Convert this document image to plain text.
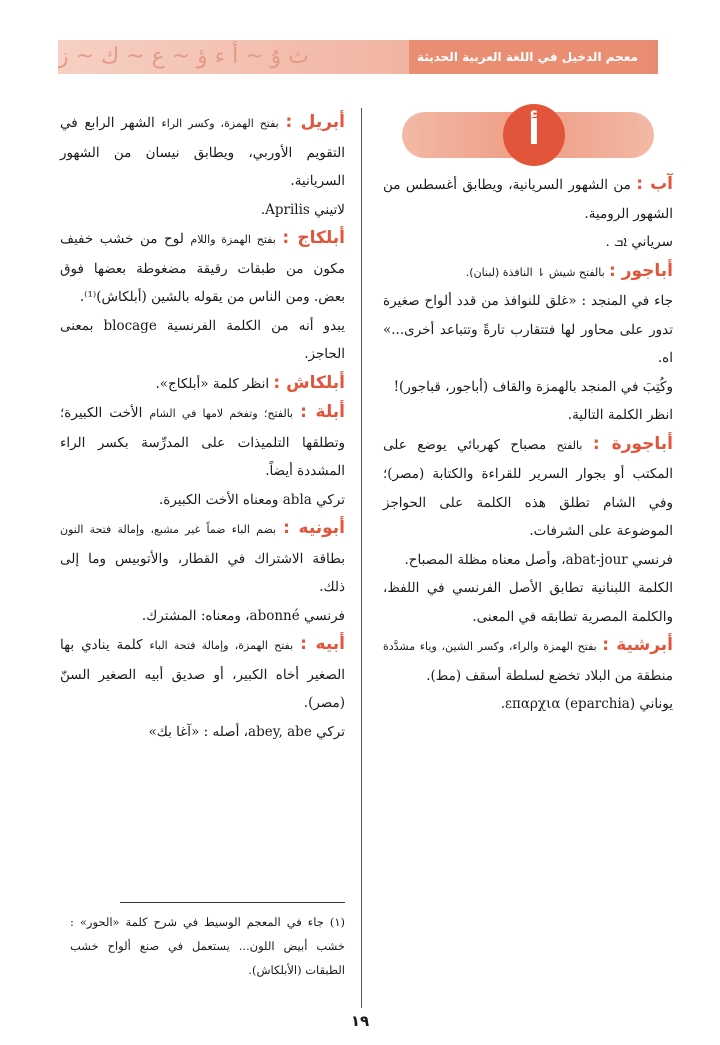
ث ۇ ~ أ ء ؤ ~ ع ~ ك ~ ز	معجم الدخيل في اللغة العربية الحديثة
أ

آب : من الشهور السريانية، ويطابق أغسطس من الشهور الرومية.

سرياني ܐܒ .

أباجور : بالفتح شيش ⇂ النافذة (لبنان).

جاء في المنجد : «غلق للنوافذ من قدد ألواح صغيرة تدور على محاور لها فتتقارب تارةً وتتباعد أخرى...» اه.

وكُتِبَ في المنجد بالهمزة والقاف (أباجور، قباجور)!

انظر الكلمة التالية.

أباجورة : بالفتح مصباح كهربائي يوضع على المكتب أو بجوار السرير للقراءة والكتابة (مصر)؛ وفي الشام تطلق هذه الكلمة على الحواجز الموضوعة على الشرفات.

فرنسي abat-jour، وأصل معناه مظلة المصباح.

الكلمة اللبنانية تطابق الأصل الفرنسي في اللفظ، والكلمة المصرية تطابقه في المعنى.

أبرشية : بفتح الهمزة والراء، وكسر الشين، وياء مشدَّدة منطقة من البلاد تخضع لسلطة أسقف (مط).

يوناني επαρχια (eparchia).

أبريل : بفتح الهمزة، وكسر الراء الشهر الرابع في التقويم الأوربي، ويطابق نيسان من الشهور السريانية.

لاتيني Aprilis.

أبلكاج : بفتح الهمزة واللام لوح من خشب خفيف مكون من طبقات رقيقة مضغوطة بعضها فوق بعض. ومن الناس من يقوله بالشين (أبلكاش)⁽¹⁾.

يبدو أنه من الكلمة الفرنسية blocage بمعنى الحاجز.

أبلكاش : انظر كلمة «أبلكاج».

أبلة : بالفتح؛ وتفخم لامها في الشام الأخت الكبيرة؛ وتطلقها التلميذات على المدرِّسة بكسر الراء المشددة أيضاً.

تركي abla ومعناه الأخت الكبيرة.

أبونيه : بضم الباء ضماً غير مشبع، وإمالة فتحة النون بطاقة الاشتراك في القطار، والأتوبيس وما إلى ذلك.

فرنسي abonné، ومعناه: المشترك.

أبيه : بفتح الهمزة، وإمالة فتحة الباء كلمة ينادي بها الصغير أخاه الكبير، أو صديق أبيه الصغير السنّ (مصر).

تركي abey, abe، أصله : «آغا بك»

(١) جاء في المعجم الوسيط في شرح كلمة «الحور» : خشب أبيض اللون... يستعمل في صنع ألواح خشب الطبقات (الأبلكاش).
١٩
